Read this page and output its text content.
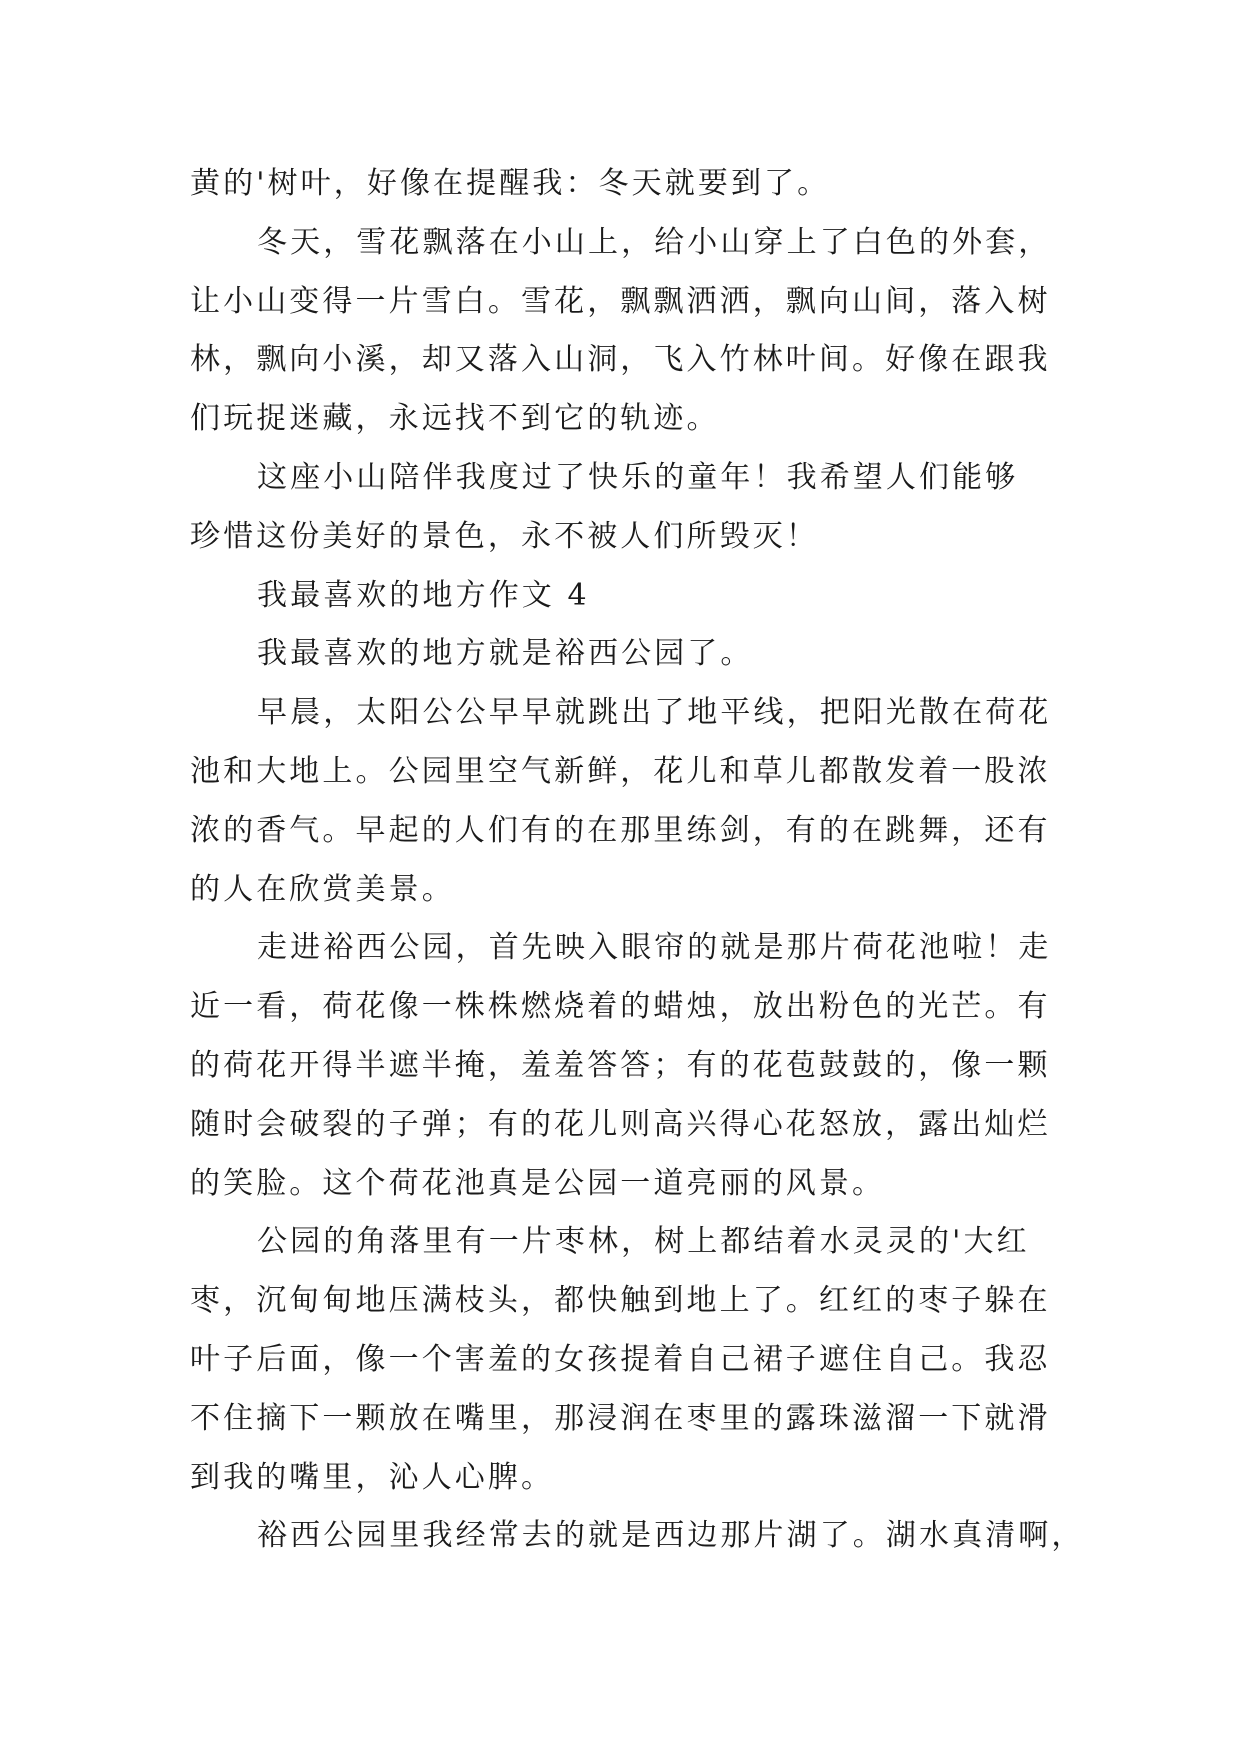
黄的'树叶，好像在提醒我：冬天就要到了。
冬天，雪花飘落在小山上，给小山穿上了白色的外套，
让小山变得一片雪白。雪花，飘飘洒洒，飘向山间，落入树
林，飘向小溪，却又落入山洞，飞入竹林叶间。好像在跟我
们玩捉迷藏，永远找不到它的轨迹。
这座小山陪伴我度过了快乐的童年！我希望人们能够
珍惜这份美好的景色，永不被人们所毁灭！
我最喜欢的地方作文 4
我最喜欢的地方就是裕西公园了。
早晨，太阳公公早早就跳出了地平线，把阳光散在荷花
池和大地上。公园里空气新鲜，花儿和草儿都散发着一股浓
浓的香气。早起的人们有的在那里练剑，有的在跳舞，还有
的人在欣赏美景。
走进裕西公园，首先映入眼帘的就是那片荷花池啦！走
近一看，荷花像一株株燃烧着的蜡烛，放出粉色的光芒。有
的荷花开得半遮半掩，羞羞答答；有的花苞鼓鼓的，像一颗
随时会破裂的子弹；有的花儿则高兴得心花怒放，露出灿烂
的笑脸。这个荷花池真是公园一道亮丽的风景。
公园的角落里有一片枣林，树上都结着水灵灵的'大红
枣，沉甸甸地压满枝头，都快触到地上了。红红的枣子躲在
叶子后面，像一个害羞的女孩提着自己裙子遮住自己。我忍
不住摘下一颗放在嘴里，那浸润在枣里的露珠滋溜一下就滑
到我的嘴里，沁人心脾。
裕西公园里我经常去的就是西边那片湖了。湖水真清啊，
